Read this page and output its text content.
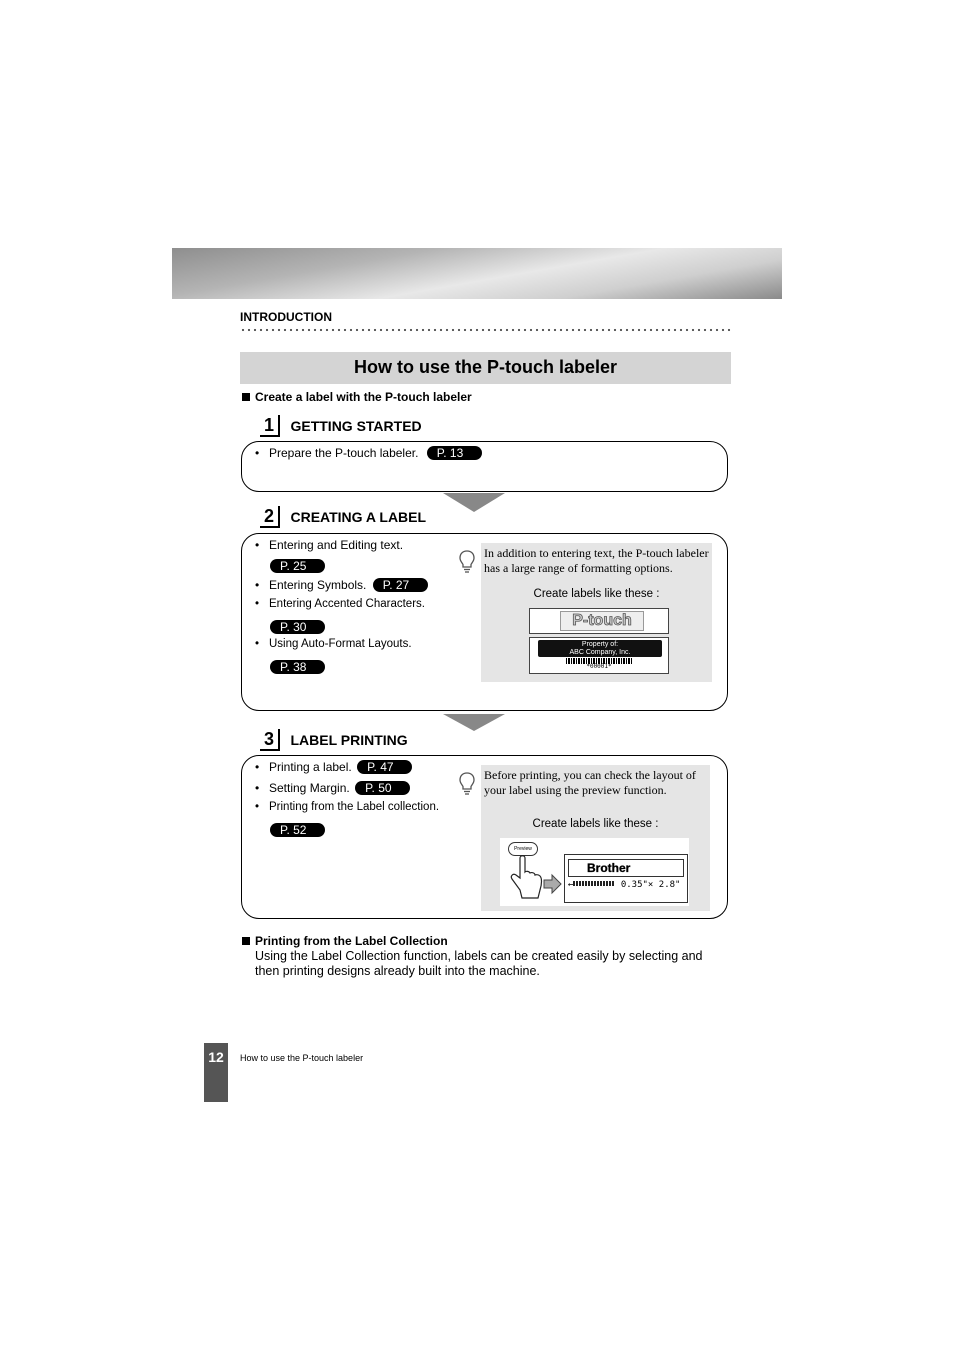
INTRODUCTION
How to use the P-touch labeler
Create a label with the P-touch labeler
1 GETTING STARTED
• Prepare the P-touch labeler. P. 13
2 CREATING A LABEL
• Entering and Editing text.
P. 25
• Entering Symbols. P. 27
• Entering Accented Characters.
P. 30
• Using Auto-Format Layouts.
P. 38
In addition to entering text, the P-touch labeler has a large range of formatting options.
Create labels like these :
P-touch
Property of:
ABC Company, Inc.
*00001*
3 LABEL PRINTING
• Printing a label. P. 47
• Setting Margin. P. 50
• Printing from the Label collection.
P. 52
Before printing, you can check the layout of your label using the preview function.
Create labels like these :
Preview
Brother
←	0.35"× 2.8"
Printing from the Label Collection
Using the Label Collection function, labels can be created easily by selecting and then printing designs already built into the machine.
12	How to use the P-touch labeler
